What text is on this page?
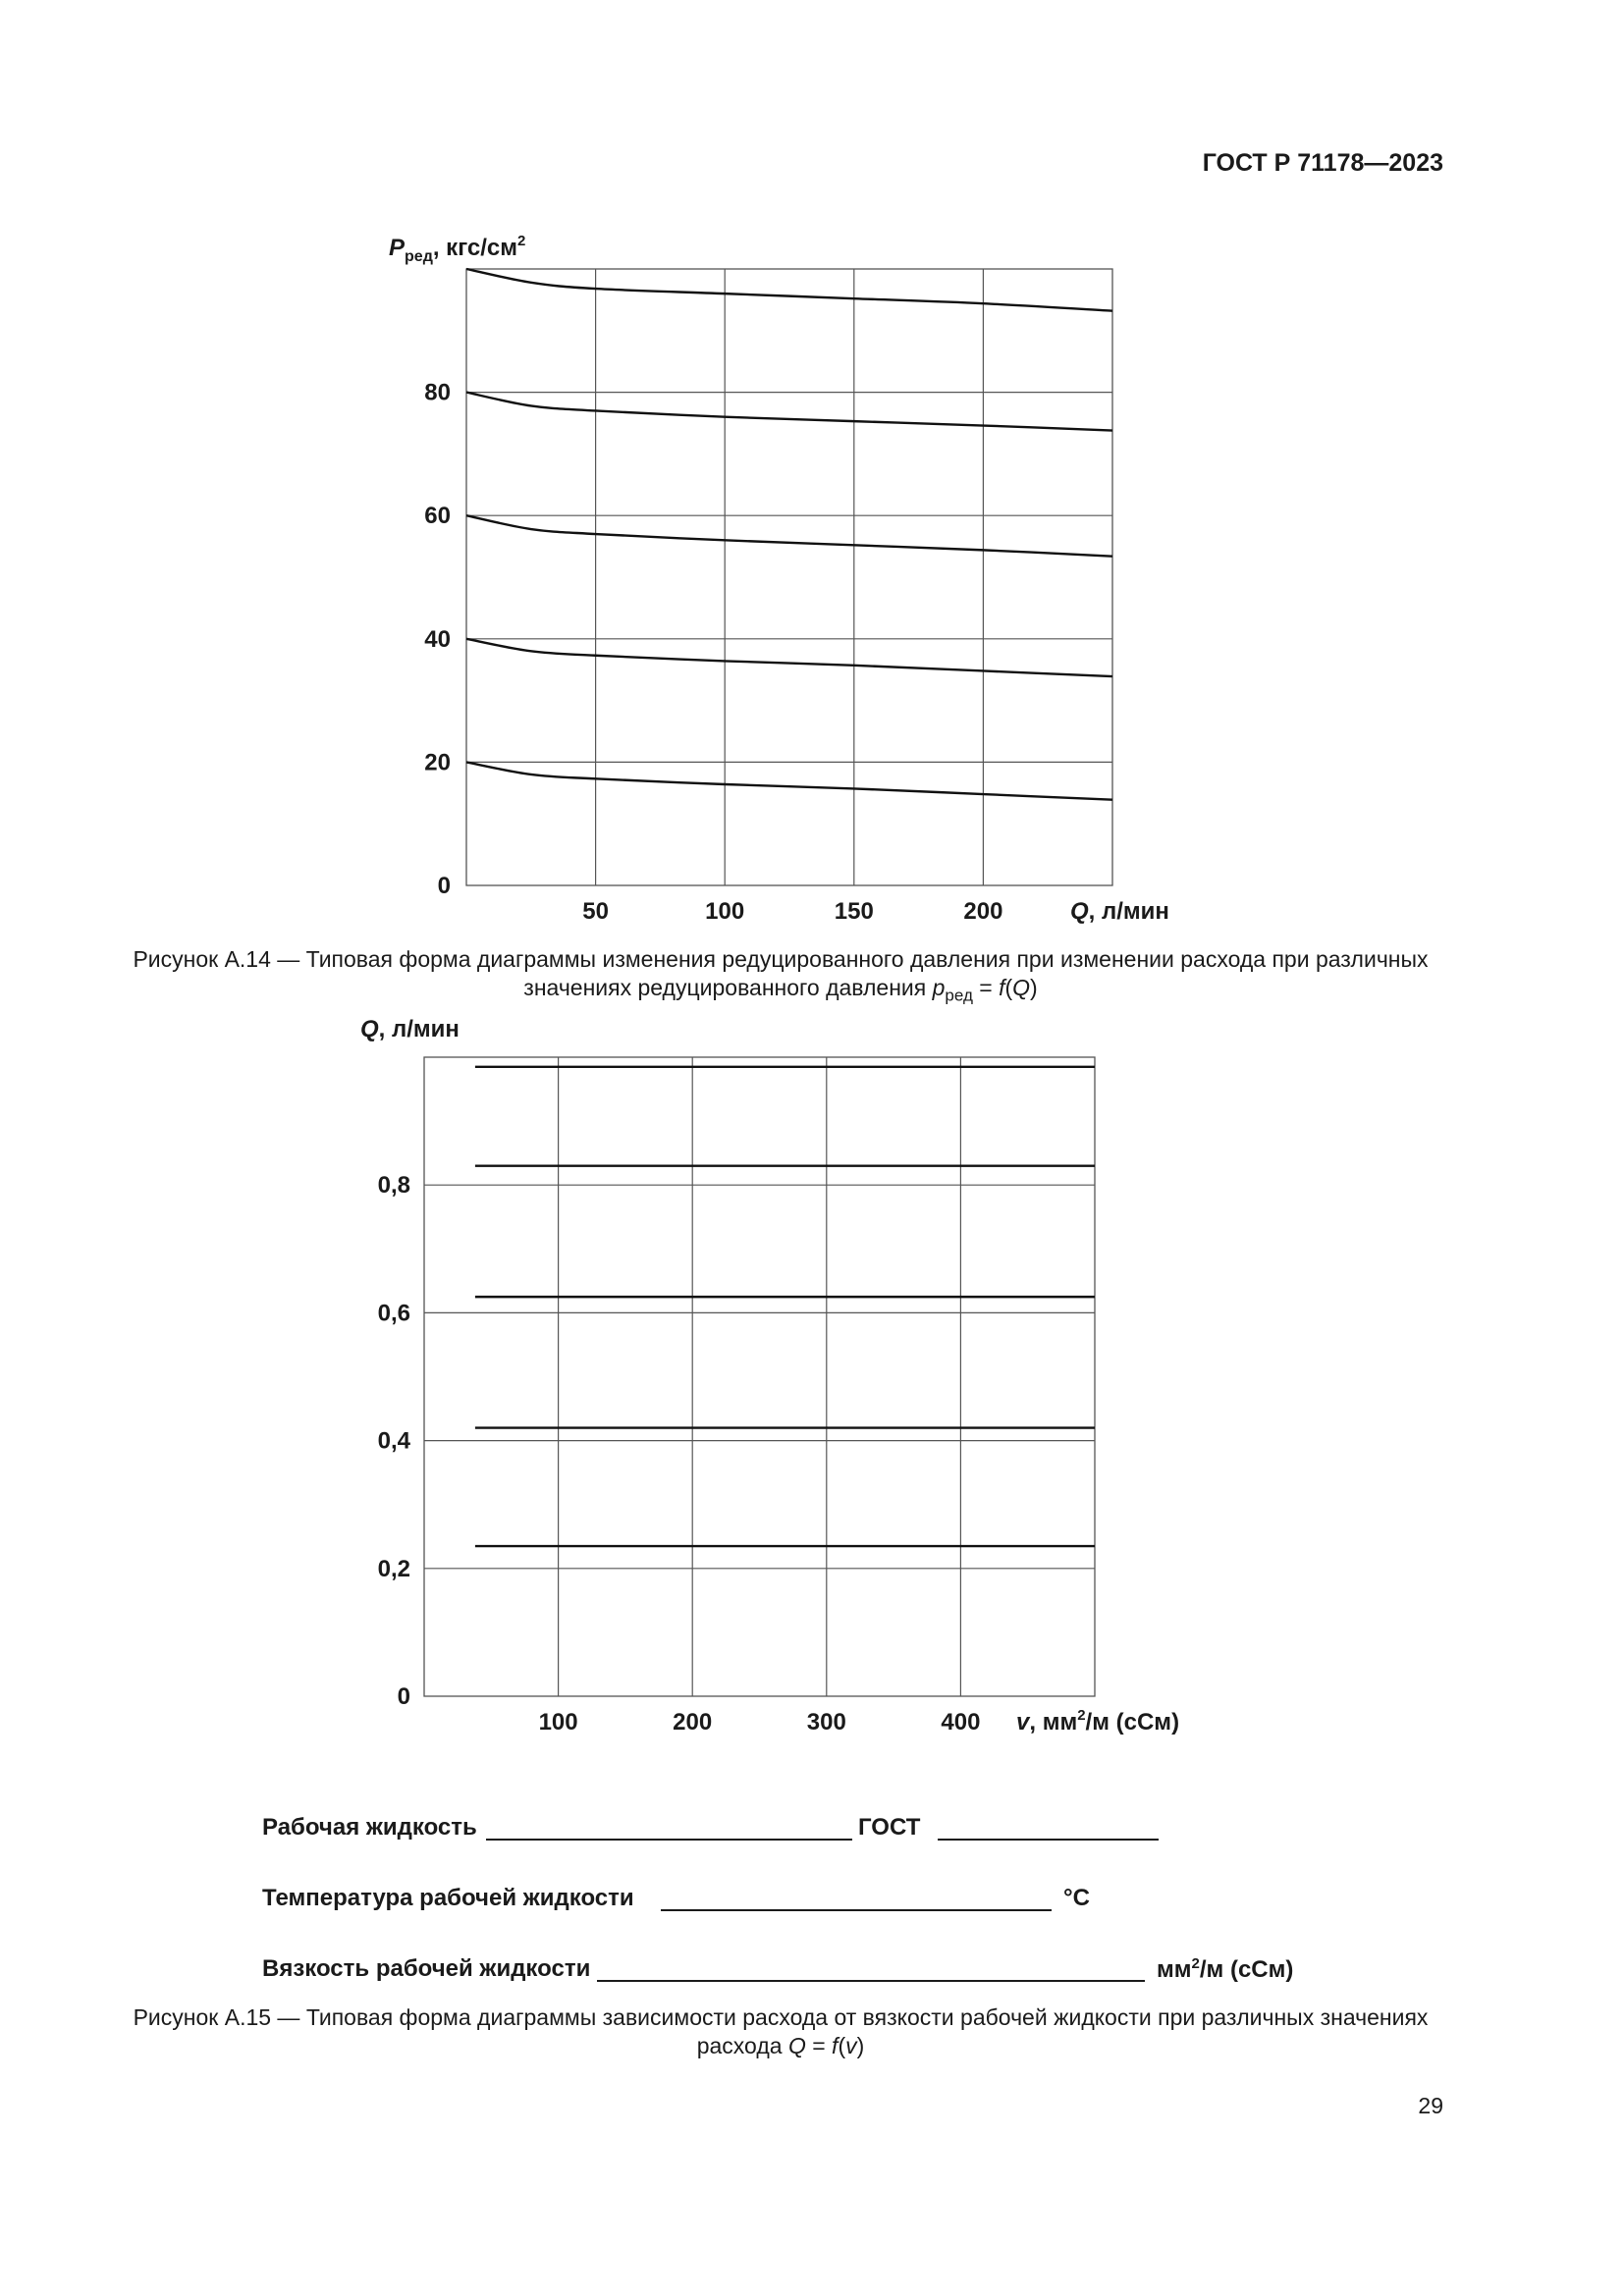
ГОСТ Р 71178—2023
50	100	150	200
20
40
60
80
0
$P_{ред}$, кгс/$см^2$
Q, л/мин
Рисунок А.14 — Типовая форма диаграммы изменения редуцированного давления при изменении расхода при различных значениях редуцированного давления $p_{ред} = f(Q)$
100	200	300	400
0,2
0,4
0,6
0,8
0
Q, л/мин
v, $мм^2/м$ (сСм)
Рабочая жидкость	ГОСТ
Температура рабочей жидкости	°С
Вязкость рабочей жидкости	$мм^2/м$ (сСм)
Рисунок А.15 — Типовая форма диаграммы зависимости расхода от вязкости рабочей жидкости при различных значениях расхода Q = f(v)
29
